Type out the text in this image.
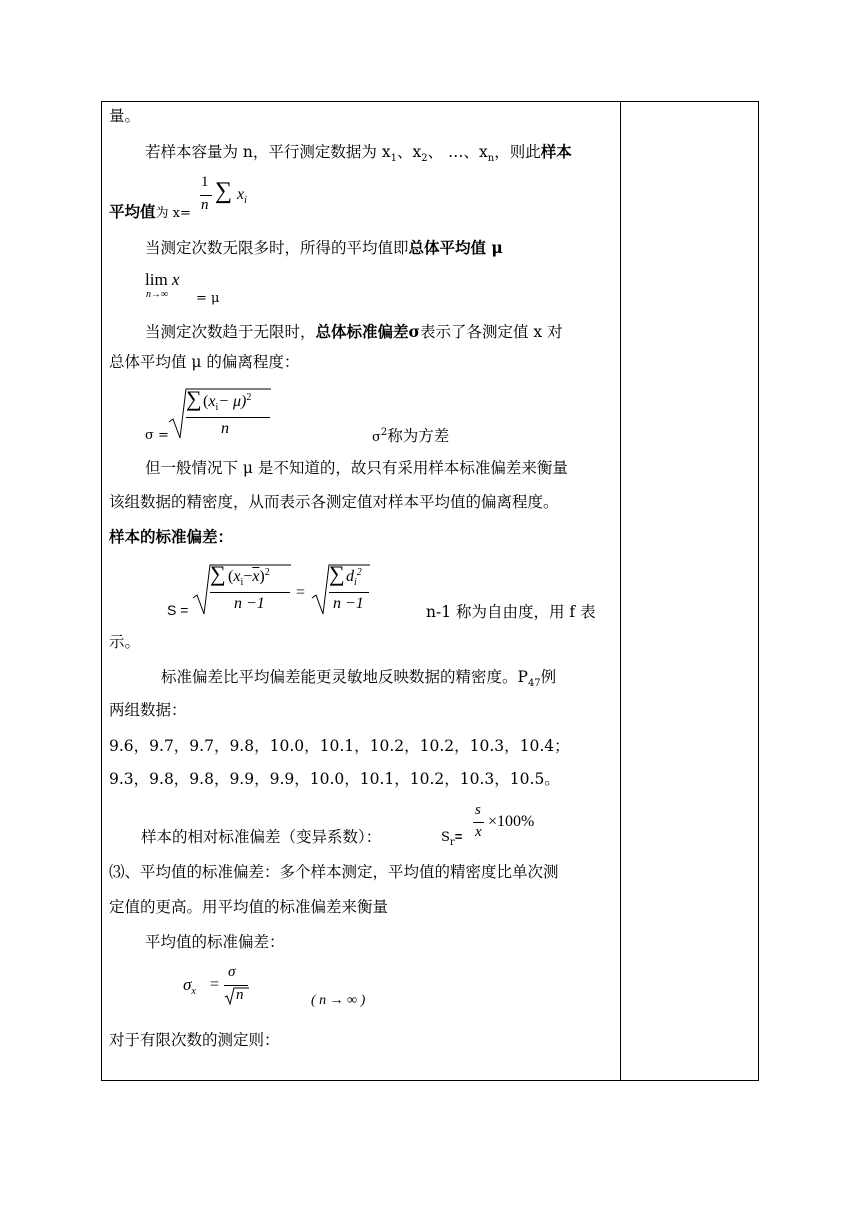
量。
若样本容量为 n，平行测定数据为 $x_1$、$x_2$、 …、$x_n$，则此样本
平均值为 x=
1
n
∑ $x_i$
当测定次数无限多时，所得的平均值即总体平均值 μ
lim x
n→∞ = μ
当测定次数趋于无限时，总体标准偏差σ表示了各测定值 x 对
总体平均值 μ 的偏离程度：
σ =
∑ $(x_i- \mu)^2$
n
$\sigma^2$称为方差
但一般情况下 μ 是不知道的，故只有采用样本标准偏差来衡量
该组数据的精密度，从而表示各测定值对样本平均值的偏离程度。
样本的标准偏差：
S =
∑ $(x_i-\overline{x})^2$
n −1
=
∑ $d_i^2$
n −1	n-1 称为自由度，用 f 表
示。
标准偏差比平均偏差能更灵敏地反映数据的精密度。$P_{47}$例
两组数据：
9.6，9.7，9.7，9.8，10.0，10.1，10.2，10.2，10.3，10.4；
9.3，9.8，9.8，9.9，9.9，10.0，10.1，10.2，10.3，10.5。
样本的相对标准偏差（变异系数）：	$S_r=$
s
x
×100%
⑶、平均值的标准偏差：多个样本测定，平均值的精密度比单次测
定值的更高。用平均值的标准偏差来衡量
平均值的标准偏差：
$\sigma_x$ =
σ
n	( n → ∞ )
对于有限次数的测定则：
